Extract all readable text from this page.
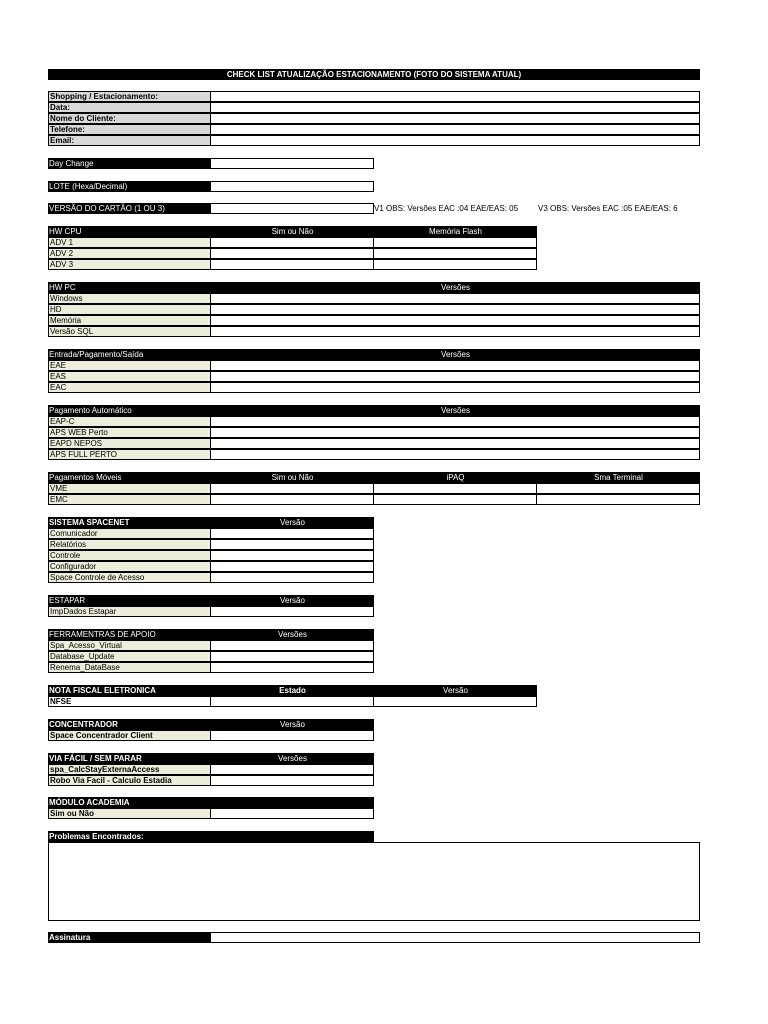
CHECK LIST ATUALIZAÇÃO ESTACIONAMENTO (FOTO DO SISTEMA ATUAL)
Shopping / Estacionamento:
Data:
Nome do Cliente:
Telefone:
Email:
Day Change
LOTE (Hexa/Decimal)
VERSÃO DO CARTÃO (1 OU 3)	V1 OBS: Versões EAC :04 EAE/EAS: 05 V3 OBS: Versões EAC :05 EAE/EAS: 6
HW CPU	Sim ou Não	Memória Flash
ADV 1
ADV 2
ADV 3
HW PC	Versões
Windows
HD
Memória
Versão SQL
Entrada/Pagamento/Saída	Versões
EAE
EAS
EAC
Pagamento Automático	Versões
EAP-C
APS WEB Perto
EAPD NEPOS
APS FULL PERTO
Pagamentos Móveis	Sim ou Não	iPAQ	Sma Terminal
VME
EMC
SISTEMA SPACENET	Versão
Comunicador
Relatórios
Controle
Configurador
Space Controle de Acesso
ESTAPAR	Versão
ImpDados Estapar
FERRAMENTRAS DE APOIO	Versões
Spa_Acesso_Virtual
Database_Update
Renema_DataBase
NOTA FISCAL ELETRONICA	Estado	Versão
NFSE
CONCENTRADOR	Versão
Space Concentrador Client
VIA FÁCIL / SEM PARAR	Versões
spa_CalcStayExternaAccess
Robo Via Facil - Calculo Estadia
MÓDULO ACADEMIA
Sim ou Não
Problemas Encontrados:
Assinatura
